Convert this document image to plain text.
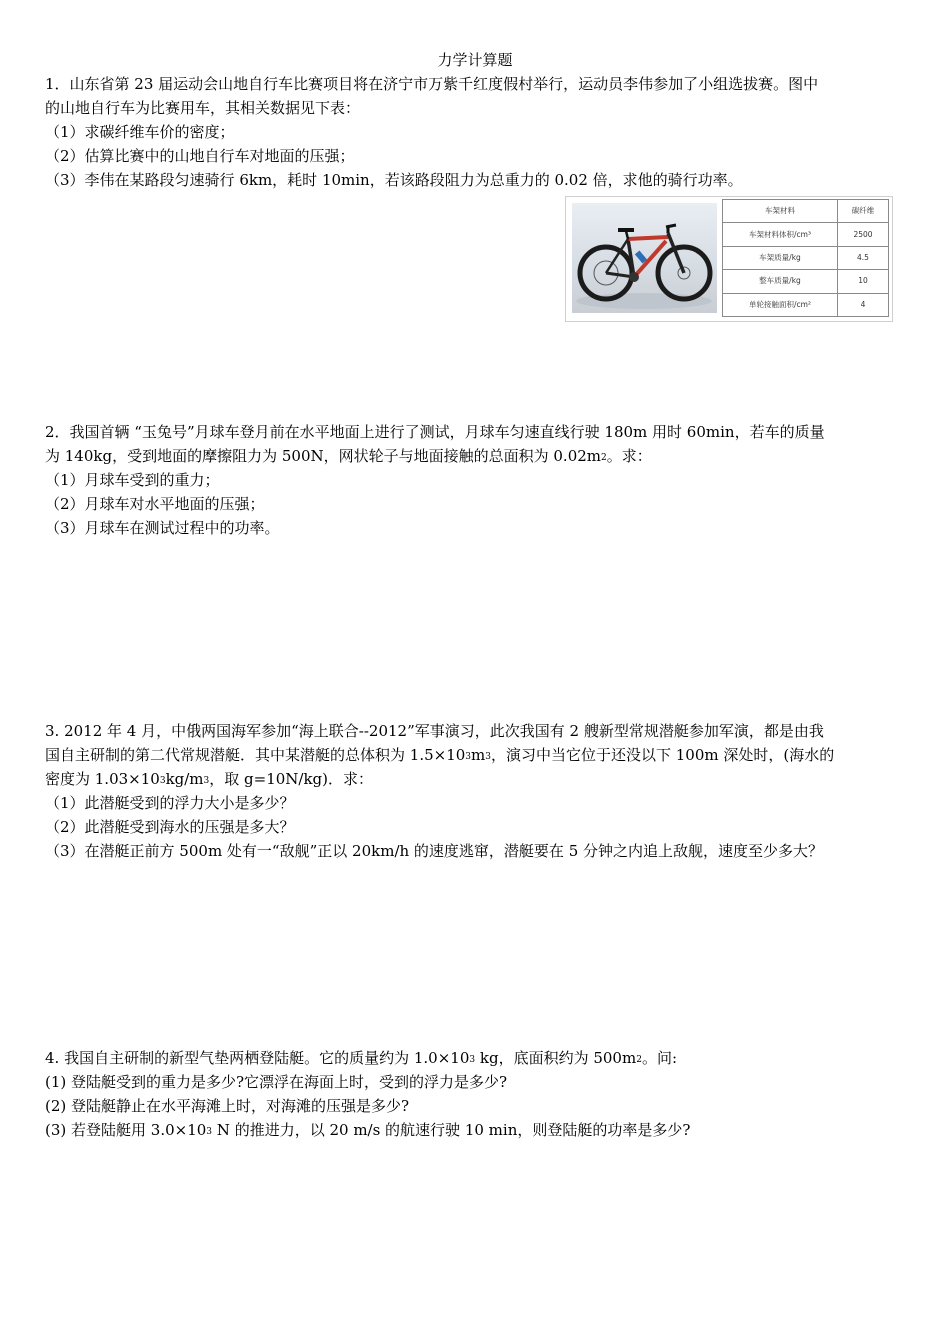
力学计算题
1．山东省第 23 届运动会山地自行车比赛项目将在济宁市万紫千红度假村举行，运动员李伟参加了小组选拔赛。图中
的山地自行车为比赛用车，其相关数据见下表：
（1）求碳纤维车价的密度；
（2）估算比赛中的山地自行车对地面的压强；
（3）李伟在某路段匀速骑行 6km，耗时 10min，若该路段阻力为总重力的 0.02 倍，求他的骑行功率。
车架材料	碳纤维
车架材料体积/cm³	2500
车架质量/kg	4.5
整车质量/kg	10
单轮接触面积/cm²	4
2．我国首辆 “玉兔号”月球车登月前在水平地面上进行了测试，月球车匀速直线行驶 180m 用时 60min，若车的质量
为 140kg，受到地面的摩擦阻力为 500N，网状轮子与地面接触的总面积为 $0.02m^2$。求：
（1）月球车受到的重力；
（2）月球车对水平地面的压强；
（3）月球车在测试过程中的功率。
3. 2012 年 4 月，中俄两国海军参加“海上联合--2012”军事演习，此次我国有 2 艘新型常规潜艇参加军演，都是由我
国自主研制的第二代常规潜艇．其中某潜艇的总体积为 $1.5\times 10^3m^3$，演习中当它位于还没以下 100m 深处时，(海水的
密度为 $1.03\times 10^3kg/m^3$，取 g=10N/kg)．求：
（1）此潜艇受到的浮力大小是多少？
（2）此潜艇受到海水的压强是多大？
（3）在潜艇正前方 500m 处有一“敌舰”正以 20km/h 的速度逃窜，潜艇要在 5 分钟之内追上敌舰，速度至少多大？
4. 我国自主研制的新型气垫两栖登陆艇。它的质量约为 $1.0\times 10^3$ kg，底面积约为 $500m^2$。问:
(1) 登陆艇受到的重力是多少?它漂浮在海面上时，受到的浮力是多少?
(2) 登陆艇静止在水平海滩上时，对海滩的压强是多少?
(3) 若登陆艇用 $3.0\times 10^3$ N 的推进力，以 20 m/s 的航速行驶 10 min，则登陆艇的功率是多少?
